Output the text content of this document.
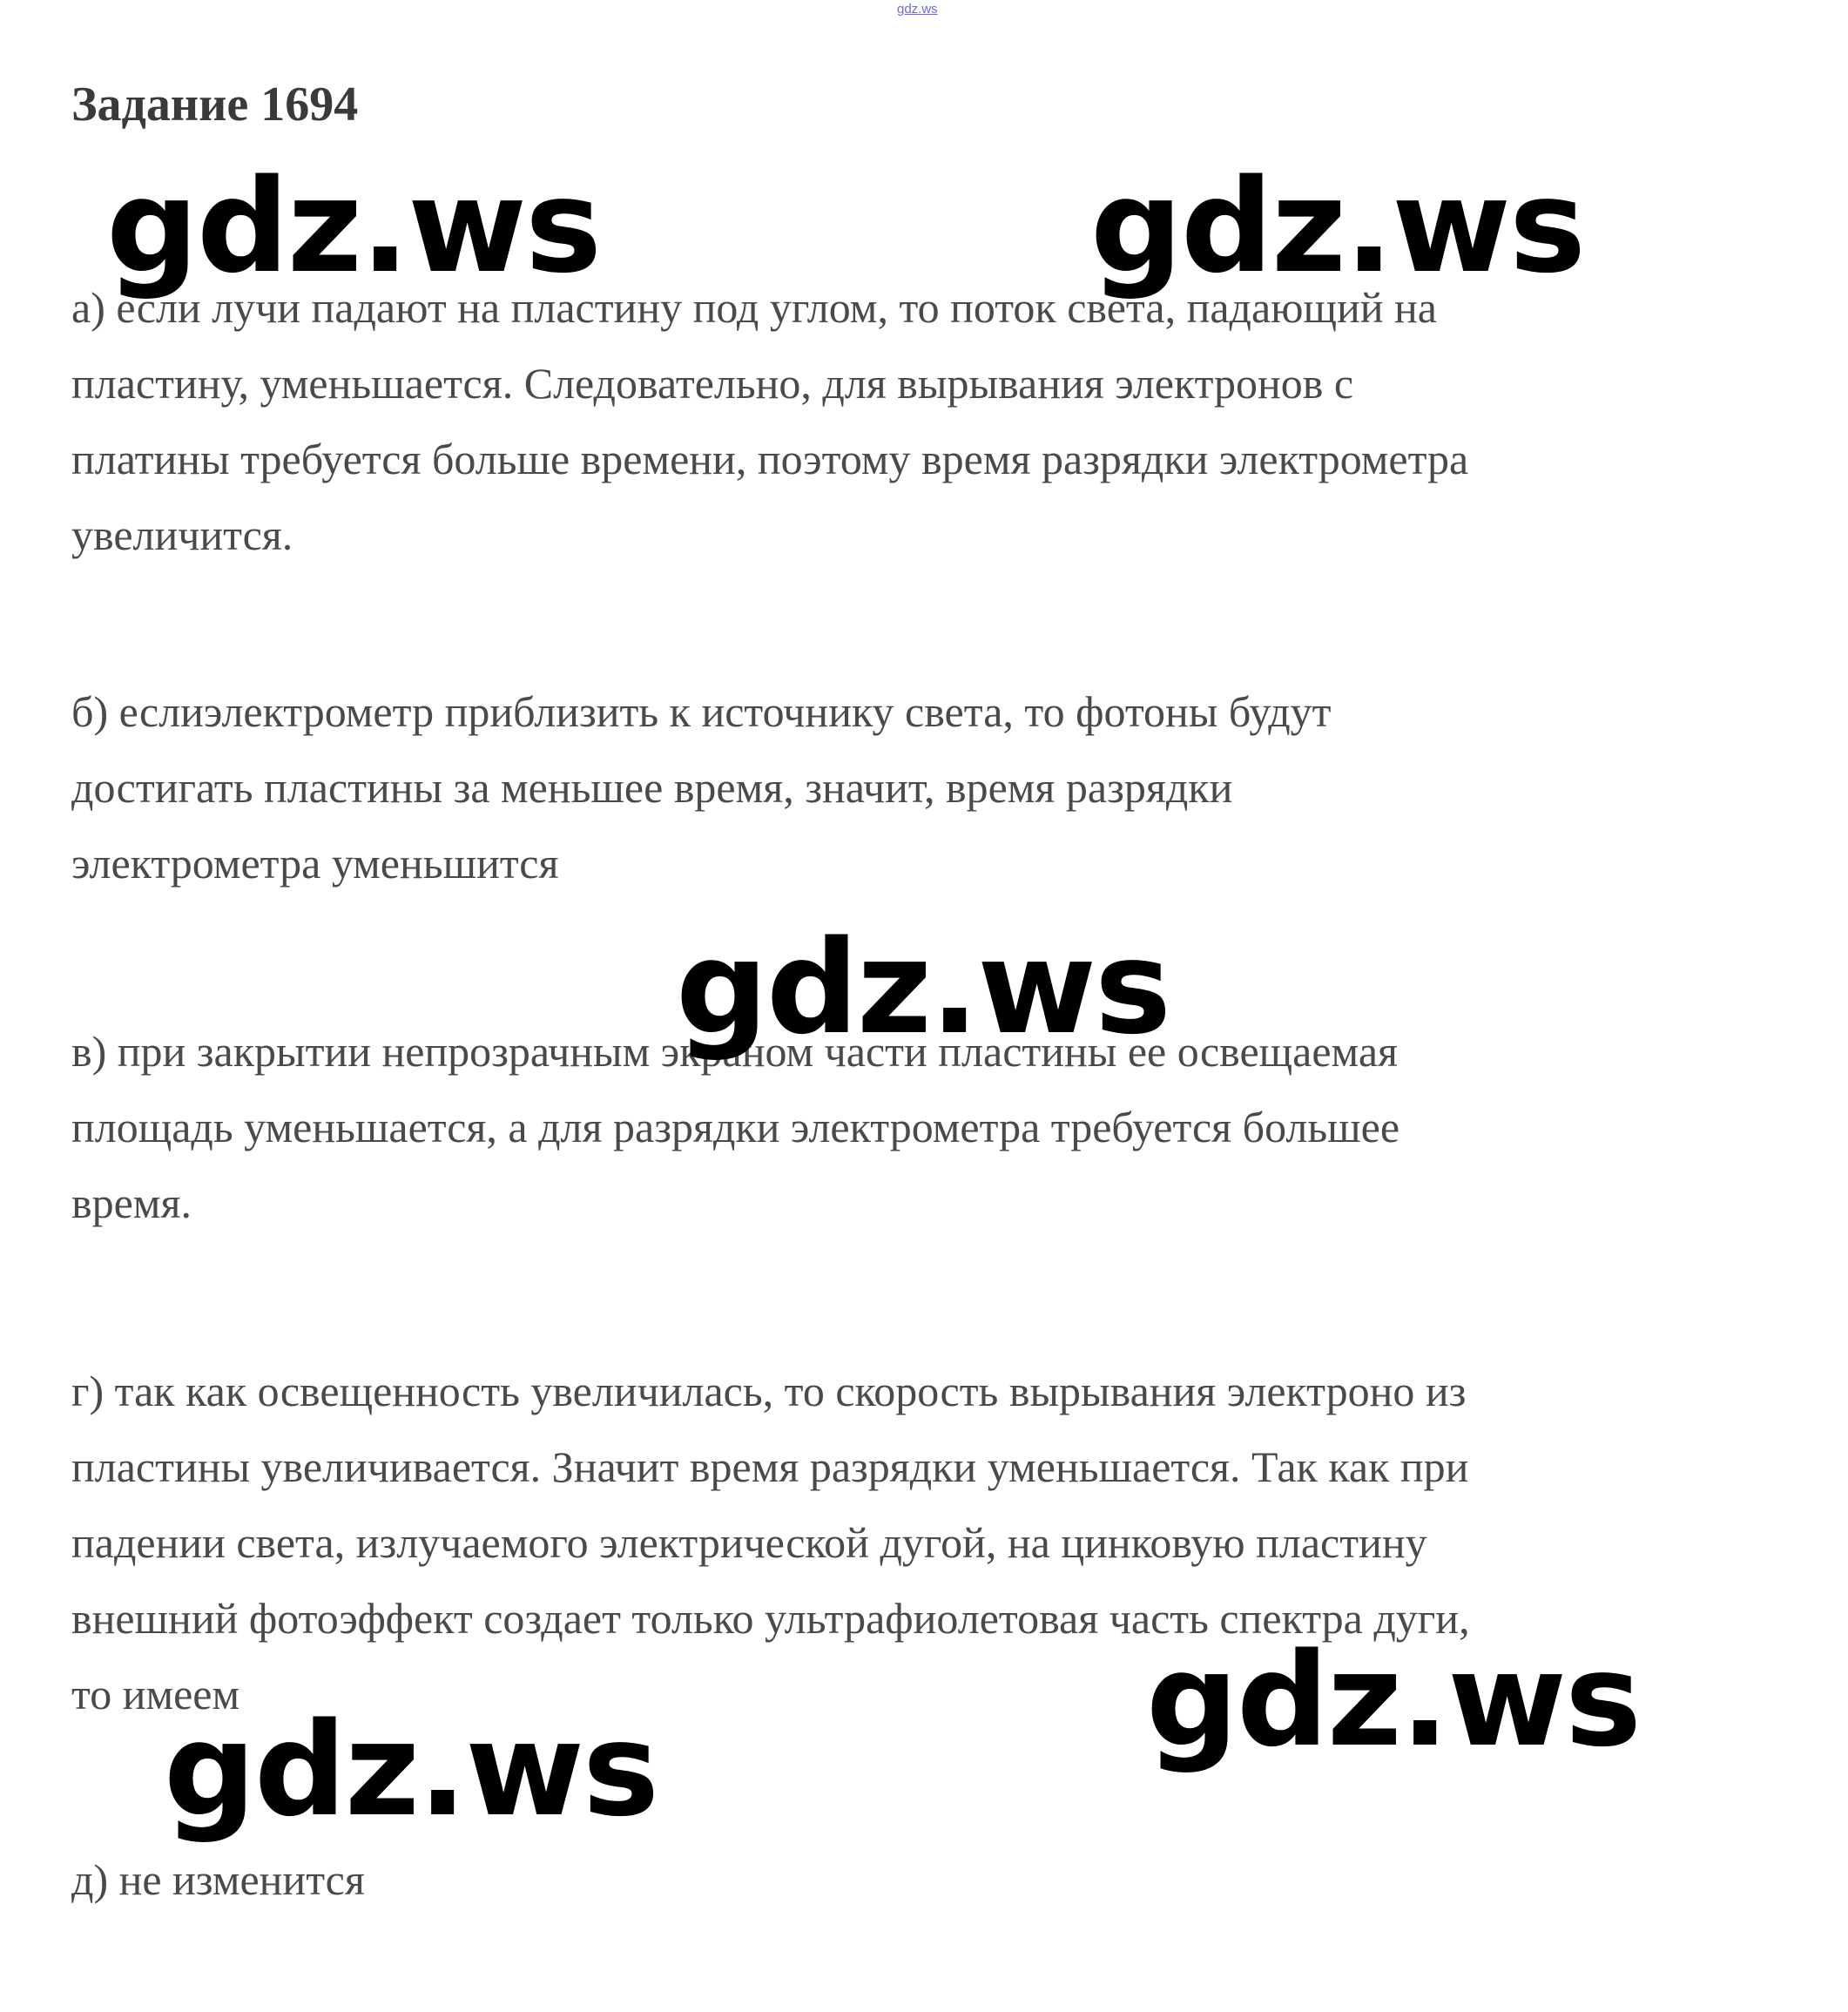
gdz.ws
Задание 1694
а) если лучи падают на пластину под углом, то поток света, падающий на
пластину, уменьшается. Следовательно, для вырывания электронов с
платины требуется больше времени, поэтому время разрядки электрометра
увеличится.
б) еслиэлектрометр приблизить к источнику света, то фотоны будут
достигать пластины за меньшее время, значит, время разрядки
электрометра уменьшится
в) при закрытии непрозрачным экраном части пластины ее освещаемая
площадь уменьшается, а для разрядки электрометра требуется большее
время.
г) так как освещенность увеличилась, то скорость вырывания электроно из
пластины увеличивается. Значит время разрядки уменьшается. Так как при
падении света, излучаемого электрической дугой, на цинковую пластину
внешний фотоэффект создает только ультрафиолетовая часть спектра дуги,
то имеем
д) не изменится
gdz.ws	gdz.ws
gdz.ws
gdz.ws
gdz.ws
